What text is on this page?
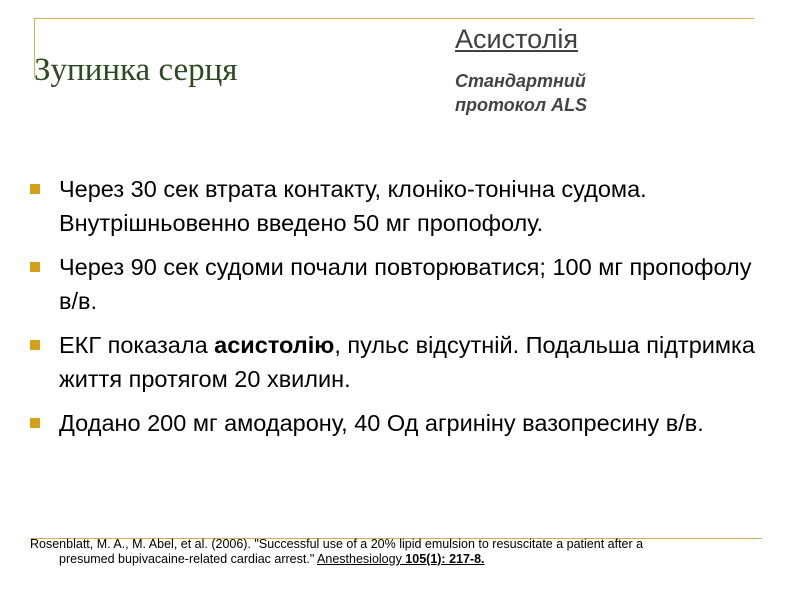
Зупинка серця
Асистолія
Стандартний
протокол ALS
Через 30 сек втрата контакту, клоніко-тонічна судома. Внутрішньовенно введено 50 мг пропофолу.
Через 90 сек судоми почали повторюватися; 100 мг пропофолу в/в.
ЕКГ показала асистолію, пульс відсутній. Подальша підтримка життя протягом 20 хвилин.
Додано 200 мг амодарону, 40 Од агриніну вазопресину в/в.
Rosenblatt, M. A., M. Abel, et al. (2006). "Successful use of a 20% lipid emulsion to resuscitate a patient after a
presumed bupivacaine-related cardiac arrest." Anesthesiology 105(1): 217-8.
